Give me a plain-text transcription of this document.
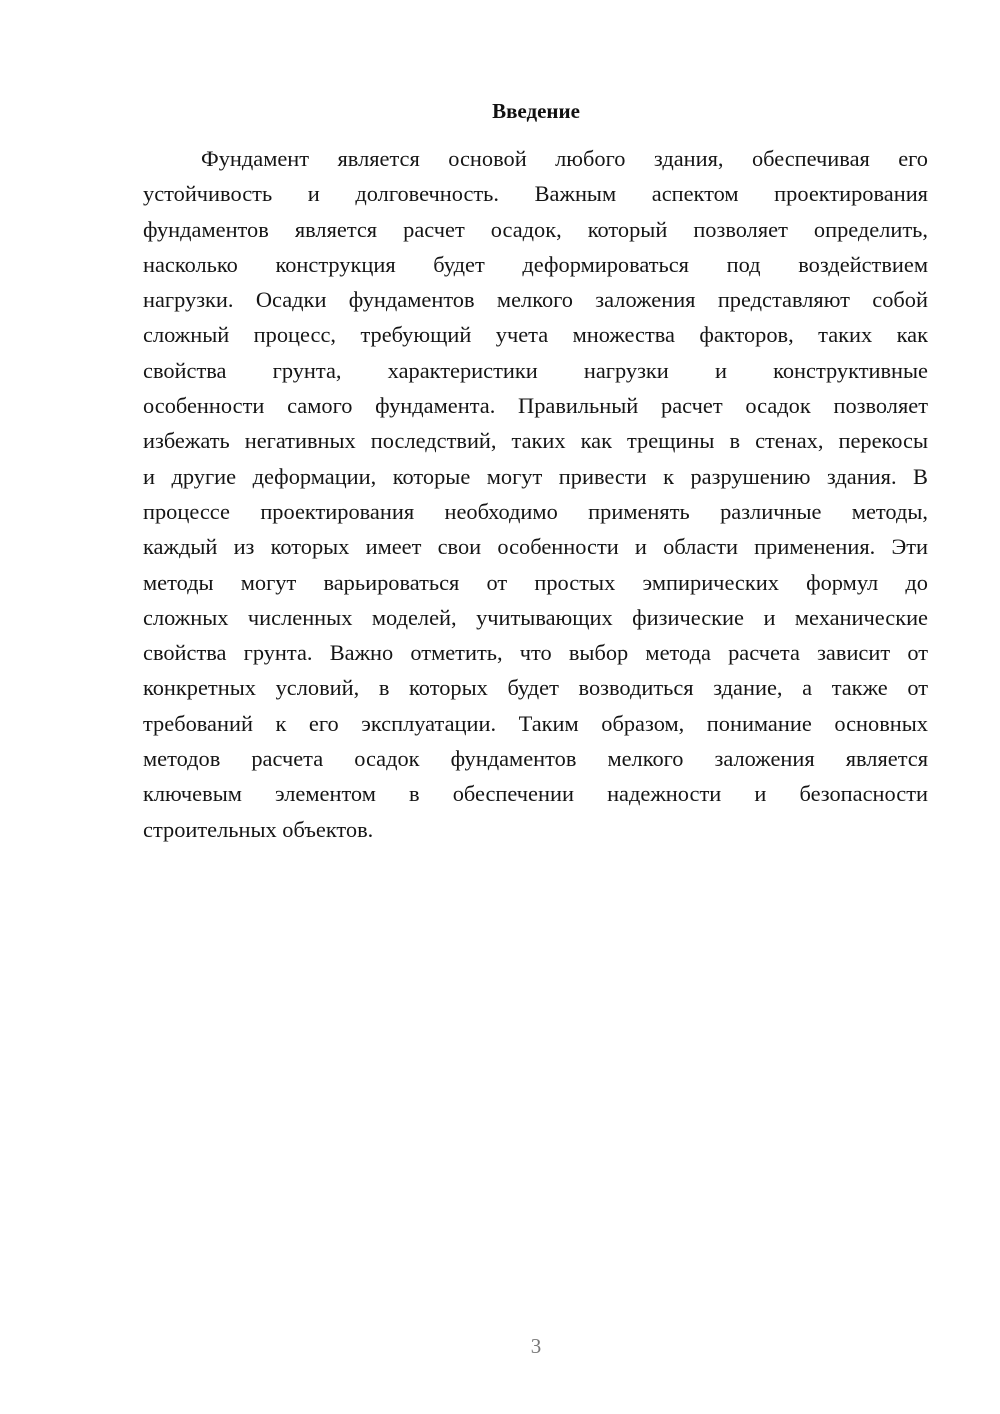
Введение
Фундамент является основой любого здания, обеспечивая его
устойчивость и долговечность. Важным аспектом проектирования
фундаментов является расчет осадок, который позволяет определить,
насколько конструкция будет деформироваться под воздействием
нагрузки. Осадки фундаментов мелкого заложения представляют собой
сложный процесс, требующий учета множества факторов, таких как
свойства грунта, характеристики нагрузки и конструктивные
особенности самого фундамента. Правильный расчет осадок позволяет
избежать негативных последствий, таких как трещины в стенах, перекосы
и другие деформации, которые могут привести к разрушению здания. В
процессе проектирования необходимо применять различные методы,
каждый из которых имеет свои особенности и области применения. Эти
методы могут варьироваться от простых эмпирических формул до
сложных численных моделей, учитывающих физические и механические
свойства грунта. Важно отметить, что выбор метода расчета зависит от
конкретных условий, в которых будет возводиться здание, а также от
требований к его эксплуатации. Таким образом, понимание основных
методов расчета осадок фундаментов мелкого заложения является
ключевым элементом в обеспечении надежности и безопасности
строительных объектов.
3
